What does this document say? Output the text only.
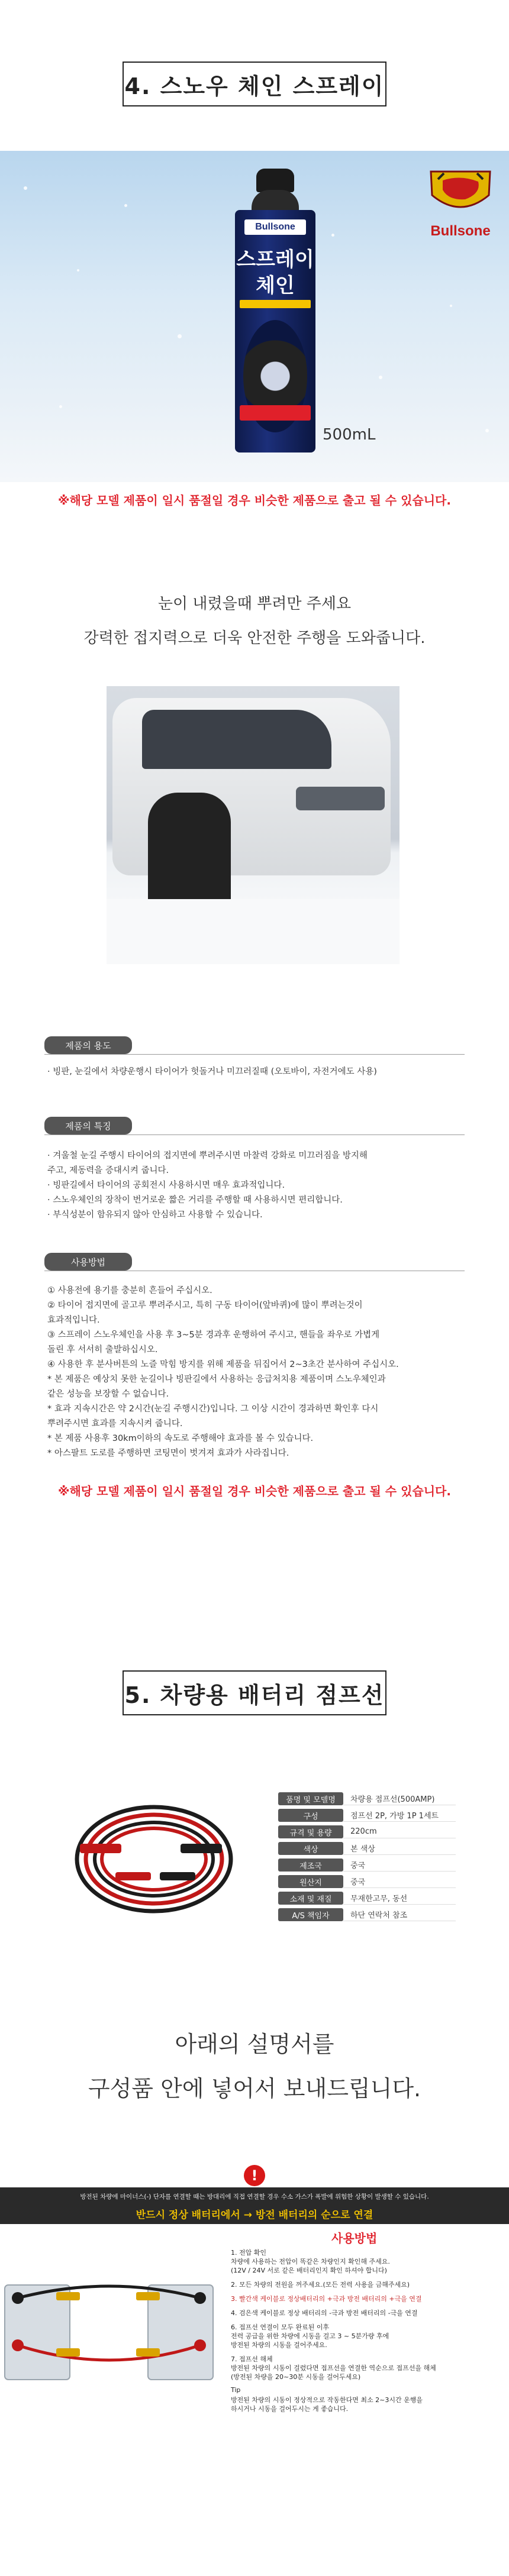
4. 스노우 체인 스프레이
Bullsone
Bullsone
스프레이
체인
500mL
※해당 모델 제품이 일시 품절일 경우 비슷한 제품으로 출고 될 수 있습니다.
눈이 내렸을때 뿌려만 주세요
강력한 접지력으로 더욱 안전한 주행을 도와줍니다.
제품의 용도
· 빙판, 눈길에서 차량운행시 타이어가 헛돌거나 미끄러질때 (오토바이, 자전거에도 사용)
제품의 특징
· 겨울철 눈길 주행시 타이어의 접지면에 뿌려주시면 마찰력 강화로 미끄러짐을 방지해
주고, 제동력을 증대시켜 줍니다.
· 빙판길에서 타이어의 공회전시 사용하시면 매우 효과적입니다.
· 스노우체인의 장착이 번거로운 짧은 거리를 주행할 때 사용하시면 편리합니다.
· 부식성분이 함유되지 않아 안심하고 사용할 수 있습니다.
사용방법
① 사용전에 용기를 충분히 흔들어 주십시오.
② 타이어 접지면에 골고루 뿌려주시고, 특히 구동 타이어(앞바퀴)에 많이 뿌려는것이
효과적입니다.
③ 스프레이 스노우체인을 사용 후 3~5분 경과후 운행하여 주시고, 핸들을 좌우로 가볍게
돌린 후 서서히 출발하십시오.
④ 사용한 후 분사버튼의 노즐 막힘 방지를 위해 제품을 뒤집어서 2~3초간 분사하여 주십시오.
* 본 제품은 예상치 못한 눈길이나 빙판길에서 사용하는 응급처치용 제품이며 스노우체인과
같은 성능을 보장할 수 없습니다.
* 효과 지속시간은 약 2시간(눈길 주행시간)입니다. 그 이상 시간이 경과하면 확인후 다시
뿌려주시면 효과를 지속시켜 줍니다.
* 본 제품 사용후 30km이하의 속도로 주행해야 효과를 볼 수 있습니다.
* 아스팔트 도로를 주행하면 코팅면이 벗겨져 효과가 사라집니다.
※해당 모델 제품이 일시 품절일 경우 비슷한 제품으로 출고 될 수 있습니다.
5. 차량용 배터리 점프선
품명 및 모델명	차량용 점프선(500AMP)
구성	점프선 2P, 가방 1P 1세트
규격 및 용량	220cm
색상	본 색상
제조국	중국
원산지	중국
소재 및 재질	무재한고무, 동선
A/S 책임자	하단 연락처 참조
아래의 설명서를
구성품 안에 넣어서 보내드립니다.
!
방전된 차량에 마이너스(-) 단자를 연결할 때는 방대리에 직접 연결할 경우 수소 가스가 폭발에 위험한 상황이 발생할 수 있습니다.
반드시 정상 배터리에서 → 방전 배터리의 순으로 연결
사용방법
1. 전압 확인
차량에 사용하는 전압이 똑같은 차량인지 확인해 주세요.
(12V / 24V 서로 같은 배터리인지 확인 하셔야 합니다)
2. 모든 차량의 전원을 꺼주세요.(모든 전력 사용을 금해주세요)
3. 빨간색 케이블로 정상배터리의 +극과 방전 배터리의 +극을 연결
4. 검은색 케이블로 정상 배터리의 -극과 방전 배터리의 -극을 연결
6. 접프선 연결이 모두 완료된 이후
전력 공급을 위한 차량에 시동을 걸고 3 ~ 5분가량 후에
방전된 차량의 시동을 걸어주세요.
7. 접프선 해체
방전된 차량의 시동이 걸렸다면 접프선을 연결한 역순으로 접프선을 해체
(방전된 차량을 20~30분 시동을 걸어두세요)
Tip
방전된 차량의 시동이 정상적으로 작동한다면 최소 2~3시간 운행을
하시거나 시동을 걸어두시는 게 좋습니다.
